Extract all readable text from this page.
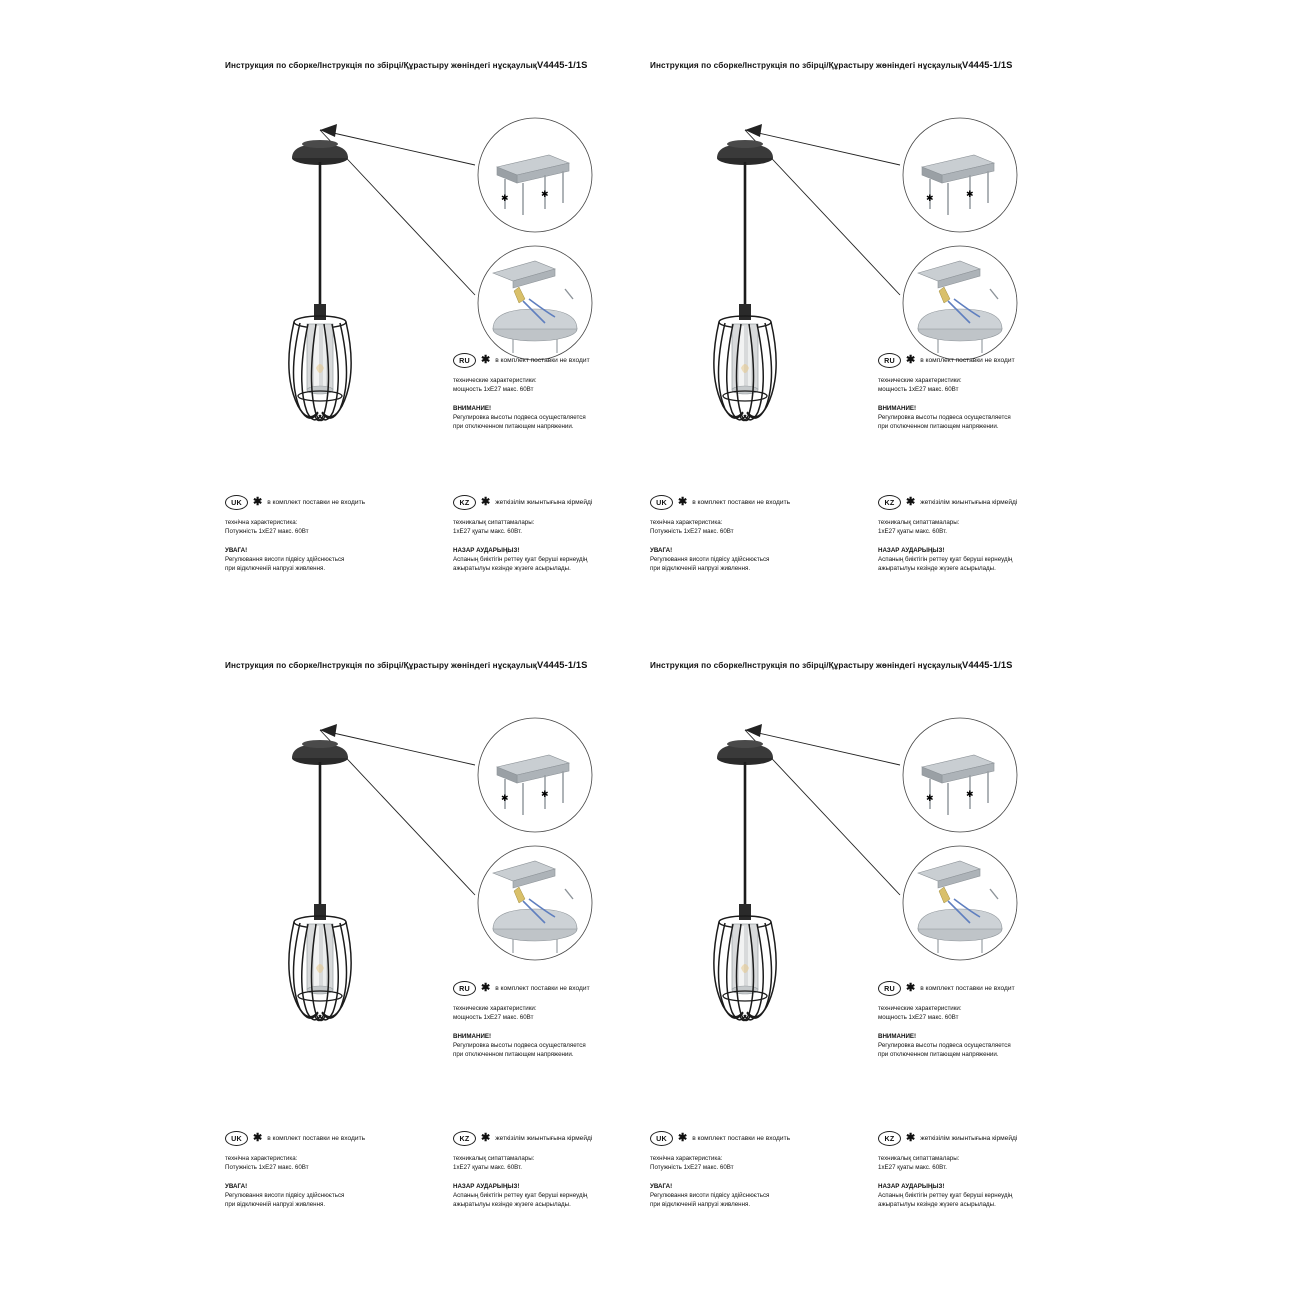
Инструкция по сборке/Інструкція по збірці/Құрастыру жөніндегі нұсқаулықV4445-1/1S
✱	✱
RU	✱ в комплект поставки не входит
технические характеристики:
мощность 1хЕ27 макс. 60Вт
ВНИМАНИЕ!
Регулировка высоты подвеса осуществляется
при отключенном питающем напряжении.
UK	✱ в комплект поставки не входить
технічна характеристика:
Потужність 1хЕ27 макс. 60Вт
УВАГА!
Регулювання висоти підвісу здійснюється
при відключеній напрузі живлення.
KZ	✱ жеткізілім жиынтығына кірмейді
техникалық сипаттамалары:
1хЕ27 қуаты макс. 60Вт.
НАЗАР АУДАРЫҢЫЗ!
Аспаның биіктігін реттеу қуат беруші кернеудің
ажыратылуы кезінде жүзеге асырылады.
Инструкция по сборке/Інструкція по збірці/Құрастыру жөніндегі нұсқаулықV4445-1/1S
✱	✱
RU	✱ в комплект поставки не входит
технические характеристики:
мощность 1хЕ27 макс. 60Вт
ВНИМАНИЕ!
Регулировка высоты подвеса осуществляется
при отключенном питающем напряжении.
UK	✱ в комплект поставки не входить
технічна характеристика:
Потужність 1хЕ27 макс. 60Вт
УВАГА!
Регулювання висоти підвісу здійснюється
при відключеній напрузі живлення.
KZ	✱ жеткізілім жиынтығына кірмейді
техникалық сипаттамалары:
1хЕ27 қуаты макс. 60Вт.
НАЗАР АУДАРЫҢЫЗ!
Аспаның биіктігін реттеу қуат беруші кернеудің
ажыратылуы кезінде жүзеге асырылады.
Инструкция по сборке/Інструкція по збірці/Құрастыру жөніндегі нұсқаулықV4445-1/1S
✱	✱
RU	✱ в комплект поставки не входит
технические характеристики:
мощность 1хЕ27 макс. 60Вт
ВНИМАНИЕ!
Регулировка высоты подвеса осуществляется
при отключенном питающем напряжении.
UK	✱ в комплект поставки не входить
технічна характеристика:
Потужність 1хЕ27 макс. 60Вт
УВАГА!
Регулювання висоти підвісу здійснюється
при відключеній напрузі живлення.
KZ	✱ жеткізілім жиынтығына кірмейді
техникалық сипаттамалары:
1хЕ27 қуаты макс. 60Вт.
НАЗАР АУДАРЫҢЫЗ!
Аспаның биіктігін реттеу қуат беруші кернеудің
ажыратылуы кезінде жүзеге асырылады.
Инструкция по сборке/Інструкція по збірці/Құрастыру жөніндегі нұсқаулықV4445-1/1S
✱	✱
RU	✱ в комплект поставки не входит
технические характеристики:
мощность 1хЕ27 макс. 60Вт
ВНИМАНИЕ!
Регулировка высоты подвеса осуществляется
при отключенном питающем напряжении.
UK	✱ в комплект поставки не входить
технічна характеристика:
Потужність 1хЕ27 макс. 60Вт
УВАГА!
Регулювання висоти підвісу здійснюється
при відключеній напрузі живлення.
KZ	✱ жеткізілім жиынтығына кірмейді
техникалық сипаттамалары:
1хЕ27 қуаты макс. 60Вт.
НАЗАР АУДАРЫҢЫЗ!
Аспаның биіктігін реттеу қуат беруші кернеудің
ажыратылуы кезінде жүзеге асырылады.
